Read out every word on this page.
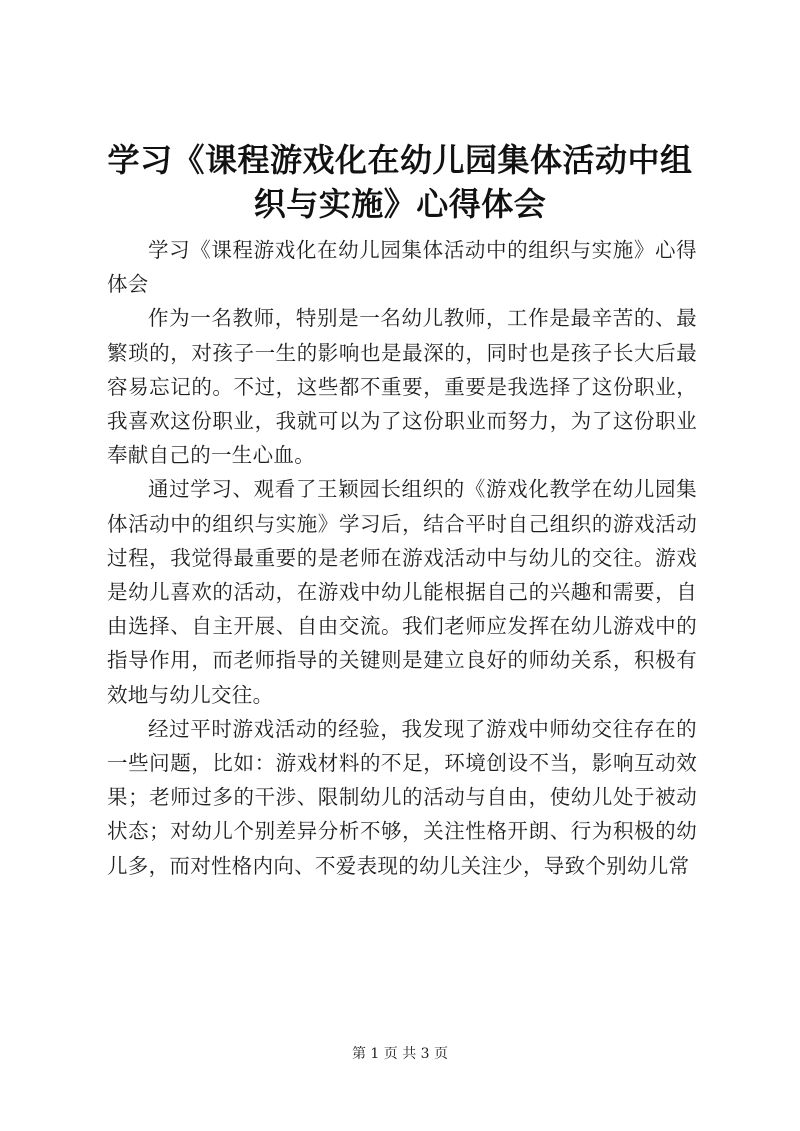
学习《课程游戏化在幼儿园集体活动中组织与实施》心得体会

学习《课程游戏化在幼儿园集体活动中的组织与实施》心得体会

作为一名教师，特别是一名幼儿教师，工作是最辛苦的、最繁琐的，对孩子一生的影响也是最深的，同时也是孩子长大后最容易忘记的。不过，这些都不重要，重要是我选择了这份职业，我喜欢这份职业，我就可以为了这份职业而努力，为了这份职业奉献自己的一生心血。

通过学习、观看了王颖园长组织的《游戏化教学在幼儿园集体活动中的组织与实施》学习后，结合平时自己组织的游戏活动过程，我觉得最重要的是老师在游戏活动中与幼儿的交往。游戏是幼儿喜欢的活动，在游戏中幼儿能根据自己的兴趣和需要，自由选择、自主开展、自由交流。我们老师应发挥在幼儿游戏中的指导作用，而老师指导的关键则是建立良好的师幼关系，积极有效地与幼儿交往。

经过平时游戏活动的经验，我发现了游戏中师幼交往存在的一些问题，比如：游戏材料的不足，环境创设不当，影响互动效果；老师过多的干涉、限制幼儿的活动与自由，使幼儿处于被动状态；对幼儿个别差异分析不够，关注性格开朗、行为积极的幼儿多，而对性格内向、不爱表现的幼儿关注少，导致个别幼儿常

第 1 页 共 3 页
